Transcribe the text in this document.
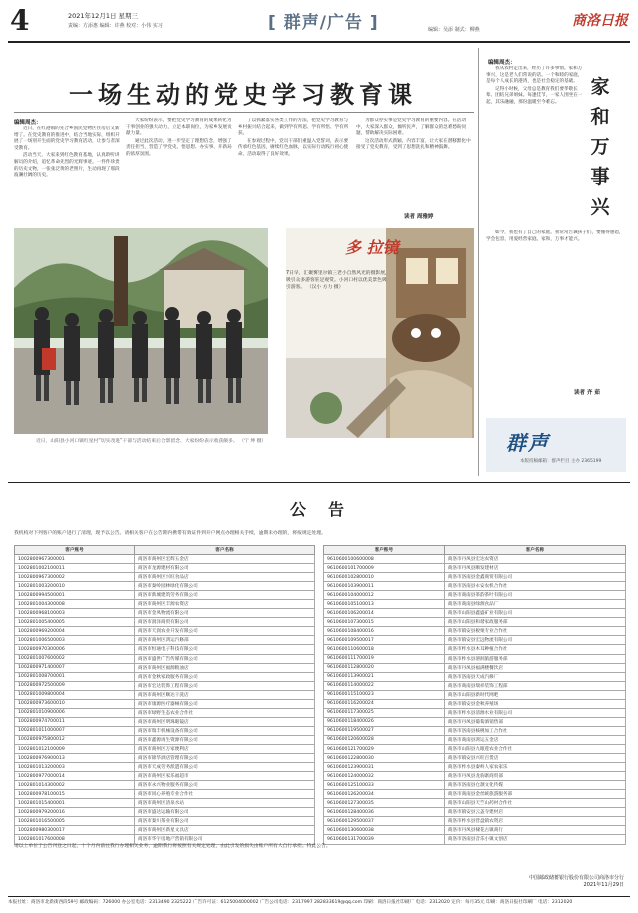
4	2021年12月1日 星期三
责编：方添惠 编辑：许燕 校对：小伟 实习	[ 群声/广告 ]	编辑：吴添 制式：柳燕
商洛日报
一场生动的党史学习教育课
编辑周杰：

近日，在红港镇的先合乡国民党物区住房后又新增了。在党史教育的推进中，结合当地实际，组织开展了一场别开生面的党史学习教育活动，让参与者深受教育。

活动当天，大家来到红色教育基地，认真聆听讲解员的介绍，追忆革命先烈的光辉事迹。一件件珍贵的历史文物，一张张泛黄的老照片，生动再现了那段波澜壮阔的历史。

大家纷纷表示，要把党史学习教育的成果转化为干事创业的强大动力，立足本职岗位，为家乡发展贡献力量。

通过此次活动，进一步坚定了理想信念，增强了责任担当，营造了学党史、悟思想、办实事、开新局的浓厚氛围。

了以抓紧落实各类工作的方法，把党史学习教育与乡村振兴结合起来，做到学有所思、学有所悟、学有所获。

在参观过程中，党员干部们重温入党誓词，表示要传承红色基因，赓续红色血脉，以实际行动践行初心使命。活动取得了良好效果。

为群众办实事是党史学习教育的重要内容。在活动中，大家深入群众，倾听民声，了解群众的急难愁盼问题，帮助解决实际困难。

这次活动形式新颖、内容丰富，让大家在潜移默化中接受了党史教育，受到了思想洗礼和精神鼓舞。

读者 周雅婷
近日，山阳县小河口镇红星村“切实改进”干部与活动结束后合影留念，大家纷纷表示收获颇多。 （宁 坤 摄）
多 拉镜
7日早，汇聚雾里尔镇三老小自然风光的摄影展，吸引众多游客驻足观赏。小河口村以优美景色吸引游客。 （汉小 方力 摄）
编辑周杰：
家
和
万
事
兴

我从农村走出来，经历了许多事情。家和万事兴，这是老人们常说的话。一个和睦的家庭，是每个人成长的港湾，也是社会稳定的基础。

记得小时候，父母总是教育我们要孝敬长辈、团结兄弟姐妹。每逢佳节，一家人围坐在一起，其乐融融，那份温暖至今难忘。

如今，我也有了自己的家庭。我常常告诫孩子们，要懂得感恩，学会包容，用爱经营家庭。家和，万事才能兴。

读者 齐 茹
群声
本版投稿邮箱：群声栏目 主办 2365199
公告
我机构对下列客户的账户进行了清理，现予以公告。请相关客户在公告期内携带有效证件到开户网点办理相关手续，逾期未办理的，将按规定处理。
客户账号	客户名称
1002800967300001	商洛市商州区宏辉五金店
1002801002100011	商洛市龙源建材有限公司
1002800967300002	商洛市商州区兴旺食品店
1002801003200010	商洛市秦岭园林绿化有限公司
1002800994500001	商洛市新城建筑劳务有限公司
1002801004300008	商洛市商州区丰源农资店
1002800968100003	商洛市金凤物流有限公司
1002801005400005	商洛市润泽商贸有限公司
1002800969200004	商洛市天润农业开发有限公司
1002801006500003	商洛市商州区鸿运汽修部
1002800970300006	商洛市恒通电子科技有限公司
1002801007600002	商洛市盛世广告传媒有限公司
1002800971400007	商洛市商州区福源粮油店
1002801008700001	商洛市金秋家政服务有限公司
1002800972500009	商洛市宏达装饰工程有限公司
1002801009800004	商洛市商州区顺达干洗店
1002800973600010	商洛市康源医疗器械有限公司
1002801010900006	商洛市绿野生态农业合作社
1002800974700011	商洛市商州区明珠眼镜店
1002801011000007	商洛市瑞丰机械设备有限公司
1002800975800012	商洛市鑫源再生资源有限公司
1002801012100009	商洛市商州区万家便利店
1002800976900013	商洛市锦华酒店管理有限公司
1002801013200003	商洛市天成劳务派遣有限公司
1002800977000014	商洛市商州区家乐福超市
1002801014300002	商洛市永兴物业服务有限公司
1002800978100015	商洛市同心养殖专业合作社
1002801015400001	商洛市商州区清泉水站
1002800979200016	商洛市盛达运输有限公司
1002801016500005	商洛市秦川茶业有限公司
1002800980300017	商洛市商州区新星文具店
1002801017600008	商洛市华宇房地产营销有限公司
客户账号	客户名称
9610600100600008	商洛市丹凤县宏达农资店
9610600101700009	商洛市丹凤县顺发建材店
9610600102800010	商洛市洛南县金鑫商贸有限公司
9610600103900011	商洛市洛南县永安农机合作社
9610600104000012	商洛市商南县茶韵茶叶有限公司
9610600105100013	商洛市商南县绿源食品厂
9610600106200014	商洛市山阳县鑫盛矿业有限公司
9610600107300015	商洛市山阳县和谐家政服务部
9610600108400016	商洛市镇安县板栗专业合作社
9610600109500017	商洛市镇安县宏远物流有限公司
9610600110600018	商洛市柞水县木耳种植合作社
9610600111700019	商洛市柞水县溶洞旅游服务部
9610600112800020	商洛市丹凤县福满楼餐饮店
9610600113900021	商洛市洛南县天成汽修厂
9610600114000022	商洛市商南县瑞祥装饰工程部
9610600115100023	商洛市山阳县新时代网吧
9610600116200024	商洛市镇安县金秋养殖场
9610600117300025	商洛市柞水县清源水业有限公司
9610600118400026	商洛市丹凤县葡萄酒销售部
9610600119500027	商洛市洛南县核桃加工合作社
9610600120600028	商洛市商南县鸿运五金店
9610600121700029	商洛市山阳县九眼莲农业合作社
9610600122800030	商洛市镇安县兴旺百货店
9610600123900031	商洛市柞水县秦岭人家农家乐
9610600124000032	商洛市丹凤县龙驹寨商贸部
9610600125100033	商洛市洛南县仓颉文化传媒
9610600126200034	商洛市商南县金丝峡旅游服务部
9610600127300035	商洛市山阳县天竺山药材合作社
9610600128400036	商洛市镇安县云盖寺建材店
9610600129500037	商洛市柞水县营盘镇农资店
9610600130600038	商洛市丹凤县棣花古镇商行
9610600131700039	商洛市洛南县音乐小镇文创店
请以上单位于公告刊登之日起，十个月内前往我行办理相关业务，逾期我行将按照有关规定处理，由此引发的损失由账户所有人自行承担。特此公告。
中国邮政储蓄银行股份有限公司商洛市分行
2021年11月29日
本报社址：商洛市北新街西段59号 邮政编码：726000 办公室电话：2313490 2325222 广告许可证：6125004000002 广告公司电话：2317997 282833619@qq.com 印刷：商洛日报社印刷厂 电话：2312020 定价：每月35元 印刷：商洛日报社印刷厂 电话：2312020
